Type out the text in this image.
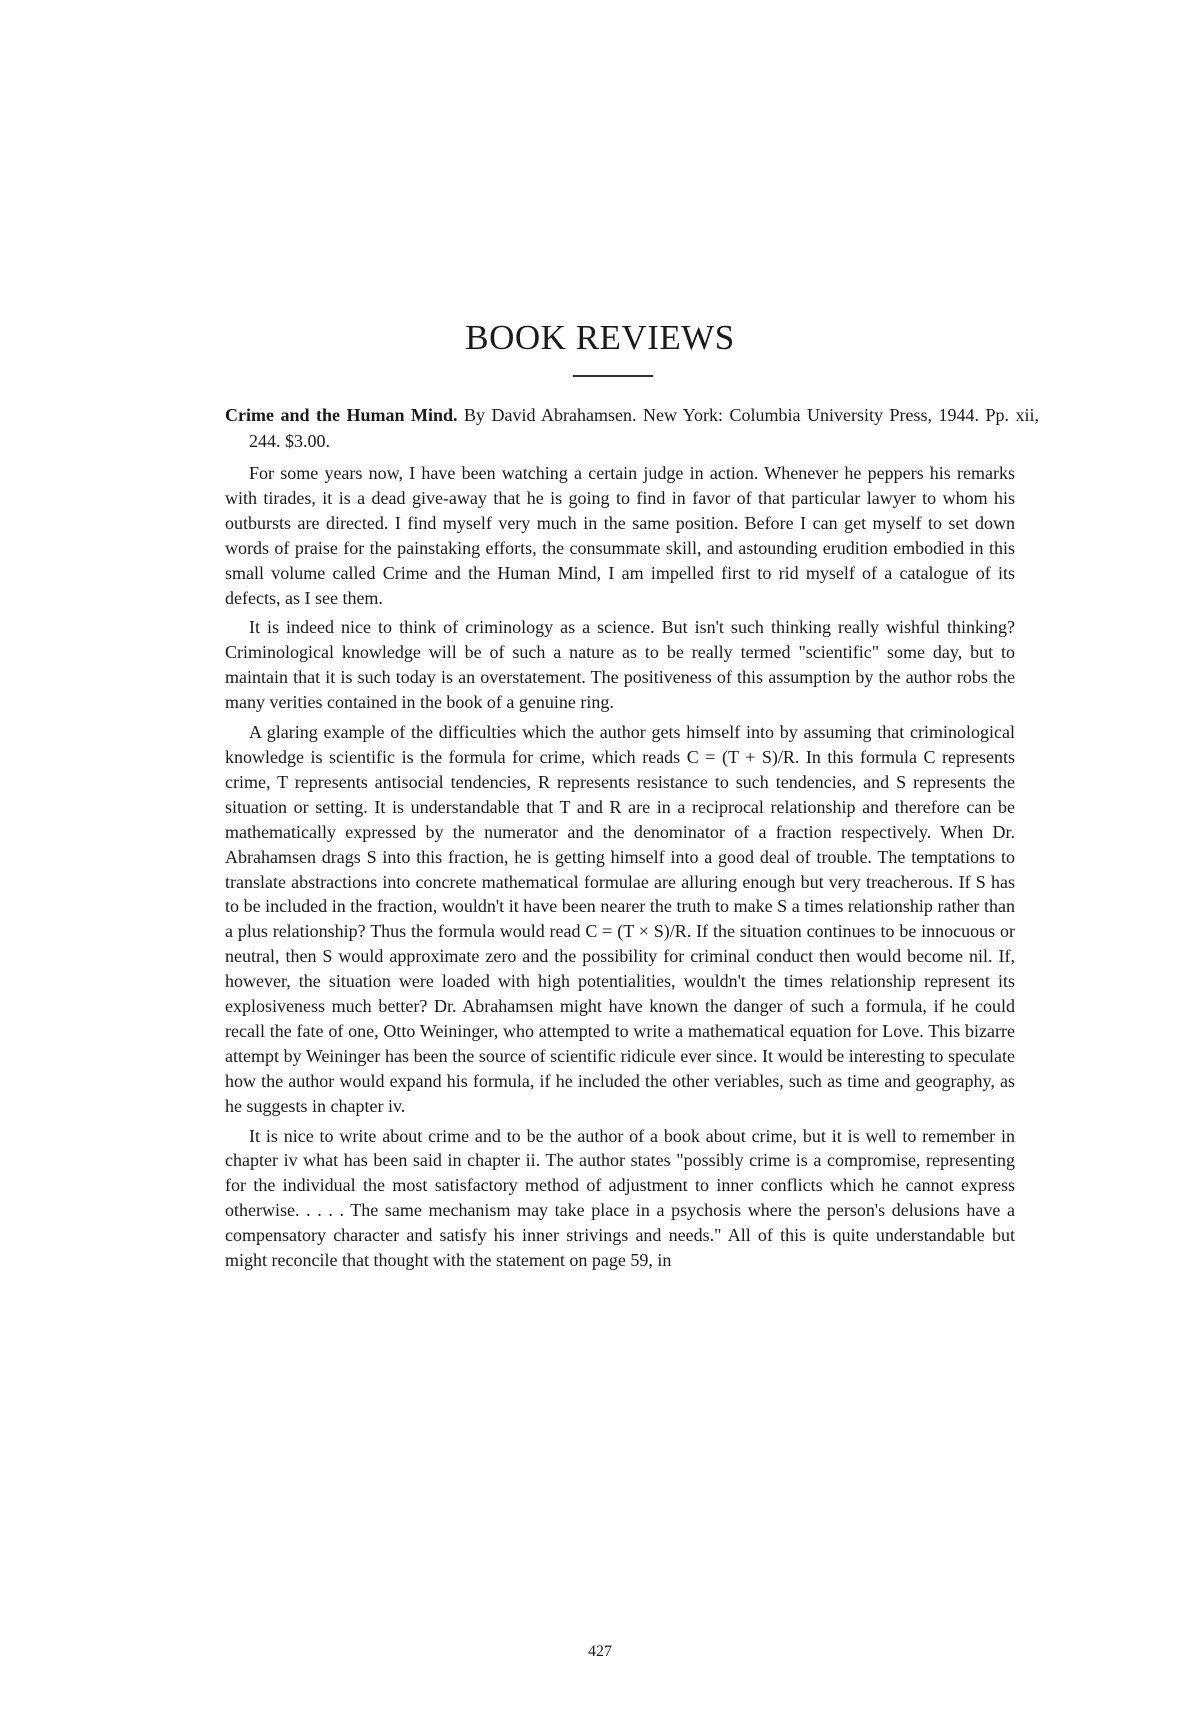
BOOK REVIEWS

Crime and the Human Mind. By David Abrahamsen. New York: Columbia University Press, 1944. Pp. xii, 244. $3.00.

For some years now, I have been watching a certain judge in action. Whenever he peppers his remarks with tirades, it is a dead give-away that he is going to find in favor of that particular lawyer to whom his outbursts are directed. I find myself very much in the same position. Before I can get myself to set down words of praise for the painstaking efforts, the consummate skill, and astounding erudition embodied in this small volume called Crime and the Human Mind, I am impelled first to rid myself of a catalogue of its defects, as I see them.

It is indeed nice to think of criminology as a science. But isn't such thinking really wishful thinking? Criminological knowledge will be of such a nature as to be really termed "scientific" some day, but to maintain that it is such today is an overstatement. The positiveness of this assumption by the author robs the many verities contained in the book of a genuine ring.

A glaring example of the difficulties which the author gets himself into by assuming that criminological knowledge is scientific is the formula for crime, which reads C = (T + S)/R. In this formula C represents crime, T represents antisocial tendencies, R represents resistance to such tendencies, and S represents the situation or setting. It is understandable that T and R are in a reciprocal relationship and therefore can be mathematically expressed by the numerator and the denominator of a fraction respectively. When Dr. Abrahamsen drags S into this fraction, he is getting himself into a good deal of trouble. The temptations to translate abstractions into concrete mathematical formulae are alluring enough but very treacherous. If S has to be included in the fraction, wouldn't it have been nearer the truth to make S a times relationship rather than a plus relationship? Thus the formula would read C = (T × S)/R. If the situation continues to be innocuous or neutral, then S would approximate zero and the possibility for criminal conduct then would become nil. If, however, the situation were loaded with high potentialities, wouldn't the times relationship represent its explosiveness much better? Dr. Abrahamsen might have known the danger of such a formula, if he could recall the fate of one, Otto Weininger, who attempted to write a mathematical equation for Love. This bizarre attempt by Weininger has been the source of scientific ridicule ever since. It would be interesting to speculate how the author would expand his formula, if he included the other veriables, such as time and geography, as he suggests in chapter iv.

It is nice to write about crime and to be the author of a book about crime, but it is well to remember in chapter iv what has been said in chapter ii. The author states "possibly crime is a compromise, representing for the individual the most satisfactory method of adjustment to inner conflicts which he cannot express otherwise. . . . . The same mechanism may take place in a psychosis where the person's delusions have a compensatory character and satisfy his inner strivings and needs." All of this is quite understandable but might reconcile that thought with the statement on page 59, in

427
